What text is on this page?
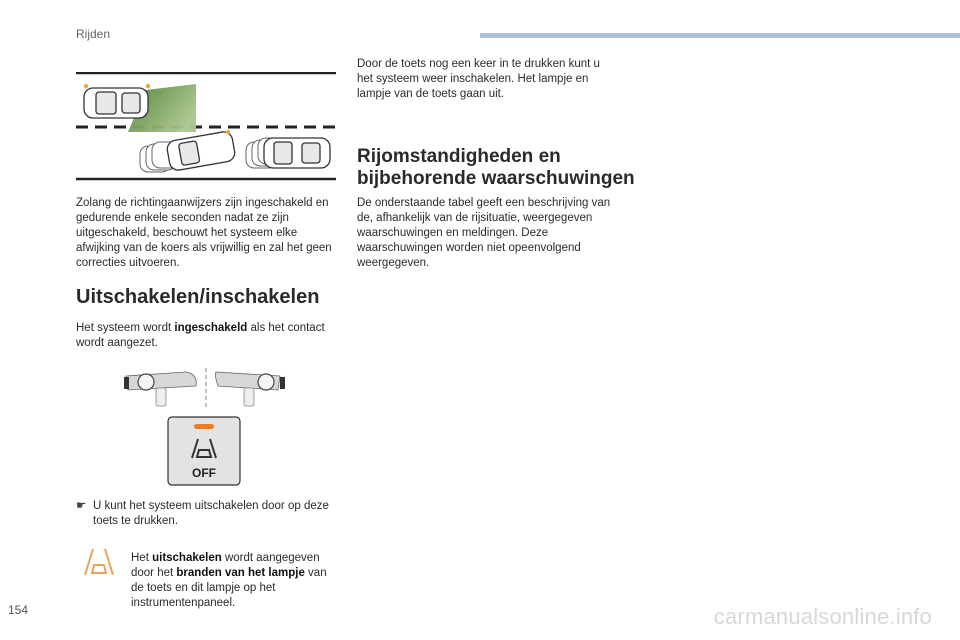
Rijden

Zolang de richtingaanwijzers zijn ingeschakeld en gedurende enkele seconden nadat ze zijn uitgeschakeld, beschouwt het systeem elke afwijking van de koers als vrijwillig en zal het geen correcties uitvoeren.

Uitschakelen/inschakelen

Het systeem wordt ingeschakeld als het contact wordt aangezet.

OFF
☛ U kunt het systeem uitschakelen door op deze toets te drukken.

Het uitschakelen wordt aangegeven door het branden van het lampje van de toets en dit lampje op het instrumentenpaneel.

Door de toets nog een keer in te drukken kunt u het systeem weer inschakelen. Het lampje en lampje van de toets gaan uit.

Rijomstandigheden en bijbehorende waarschuwingen

De onderstaande tabel geeft een beschrijving van de, afhankelijk van de rijsituatie, weergegeven waarschuwingen en meldingen. Deze waarschuwingen worden niet opeenvolgend weergegeven.

154	carmanualsonline.info
